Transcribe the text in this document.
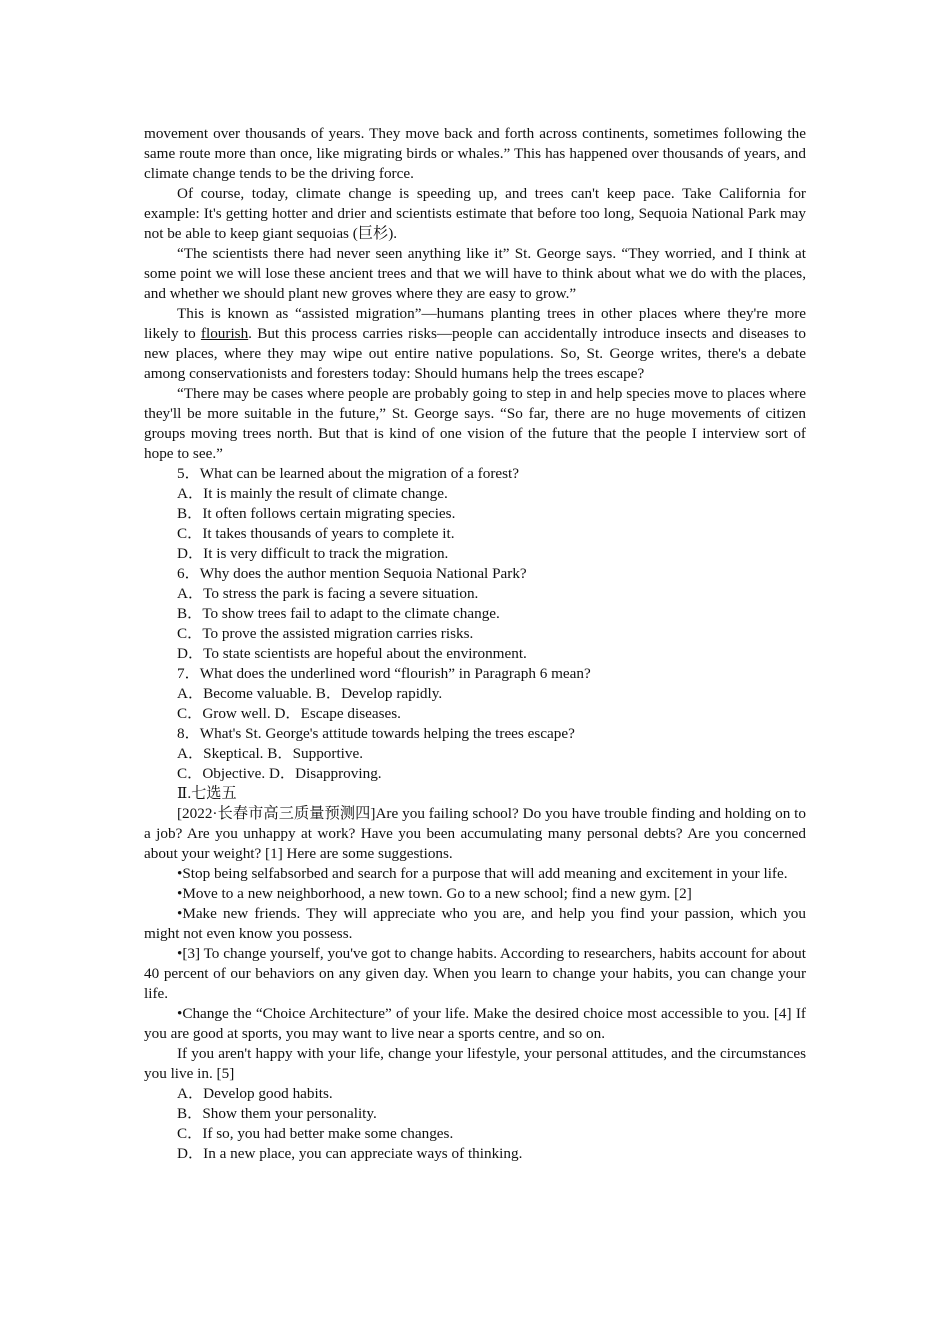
movement over thousands of years. They move back and forth across continents, sometimes following the same route more than once, like migrating birds or whales.” This has happened over thousands of years, and climate change tends to be the driving force.

Of course, today, climate change is speeding up, and trees can't keep pace. Take California for example: It's getting hotter and drier and scientists estimate that before too long, Sequoia National Park may not be able to keep giant sequoias (巨杉).

“The scientists there had never seen anything like it” St. George says. “They worried, and I think at some point we will lose these ancient trees and that we will have to think about what we do with the places, and whether we should plant new groves where they are easy to grow.”

This is known as “assisted migration”—humans planting trees in other places where they're more likely to flourish. But this process carries risks—people can accidentally introduce insects and diseases to new places, where they may wipe out entire native populations. So, St. George writes, there's a debate among conservationists and foresters today: Should humans help the trees escape?

“There may be cases where people are probably going to step in and help species move to places where they'll be more suitable in the future,” St. George says. “So far, there are no huge movements of citizen groups moving trees north. But that is kind of one vision of the future that the people I interview sort of hope to see.”

5．What can be learned about the migration of a forest?

A．It is mainly the result of climate change.

B．It often follows certain migrating species.

C．It takes thousands of years to complete it.

D．It is very difficult to track the migration.

6．Why does the author mention Sequoia National Park?

A．To stress the park is facing a severe situation.

B．To show trees fail to adapt to the climate change.

C．To prove the assisted migration carries risks.

D．To state scientists are hopeful about the environment.

7．What does the underlined word “flourish” in Paragraph 6 mean?

A．Become valuable. B．Develop rapidly.

C．Grow well. D．Escape diseases.

8．What's St. George's attitude towards helping the trees escape?

A．Skeptical. B．Supportive.

C．Objective. D．Disapproving.

Ⅱ.七选五

[2022·长春市高三质量预测四]Are you failing school? Do you have trouble finding and holding on to a job? Are you unhappy at work? Have you been accumulating many personal debts? Are you concerned about your weight? [1] Here are some suggestions.

•Stop being selfabsorbed and search for a purpose that will add meaning and excitement in your life.

•Move to a new neighborhood, a new town. Go to a new school; find a new gym. [2]

•Make new friends. They will appreciate who you are, and help you find your passion, which you might not even know you possess.

•[3] To change yourself, you've got to change habits. According to researchers, habits account for about 40 percent of our behaviors on any given day. When you learn to change your habits, you can change your life.

•Change the “Choice Architecture” of your life. Make the desired choice most accessible to you. [4] If you are good at sports, you may want to live near a sports centre, and so on.

If you aren't happy with your life, change your lifestyle, your personal attitudes, and the circumstances you live in. [5]

A．Develop good habits.

B．Show them your personality.

C．If so, you had better make some changes.

D．In a new place, you can appreciate ways of thinking.
